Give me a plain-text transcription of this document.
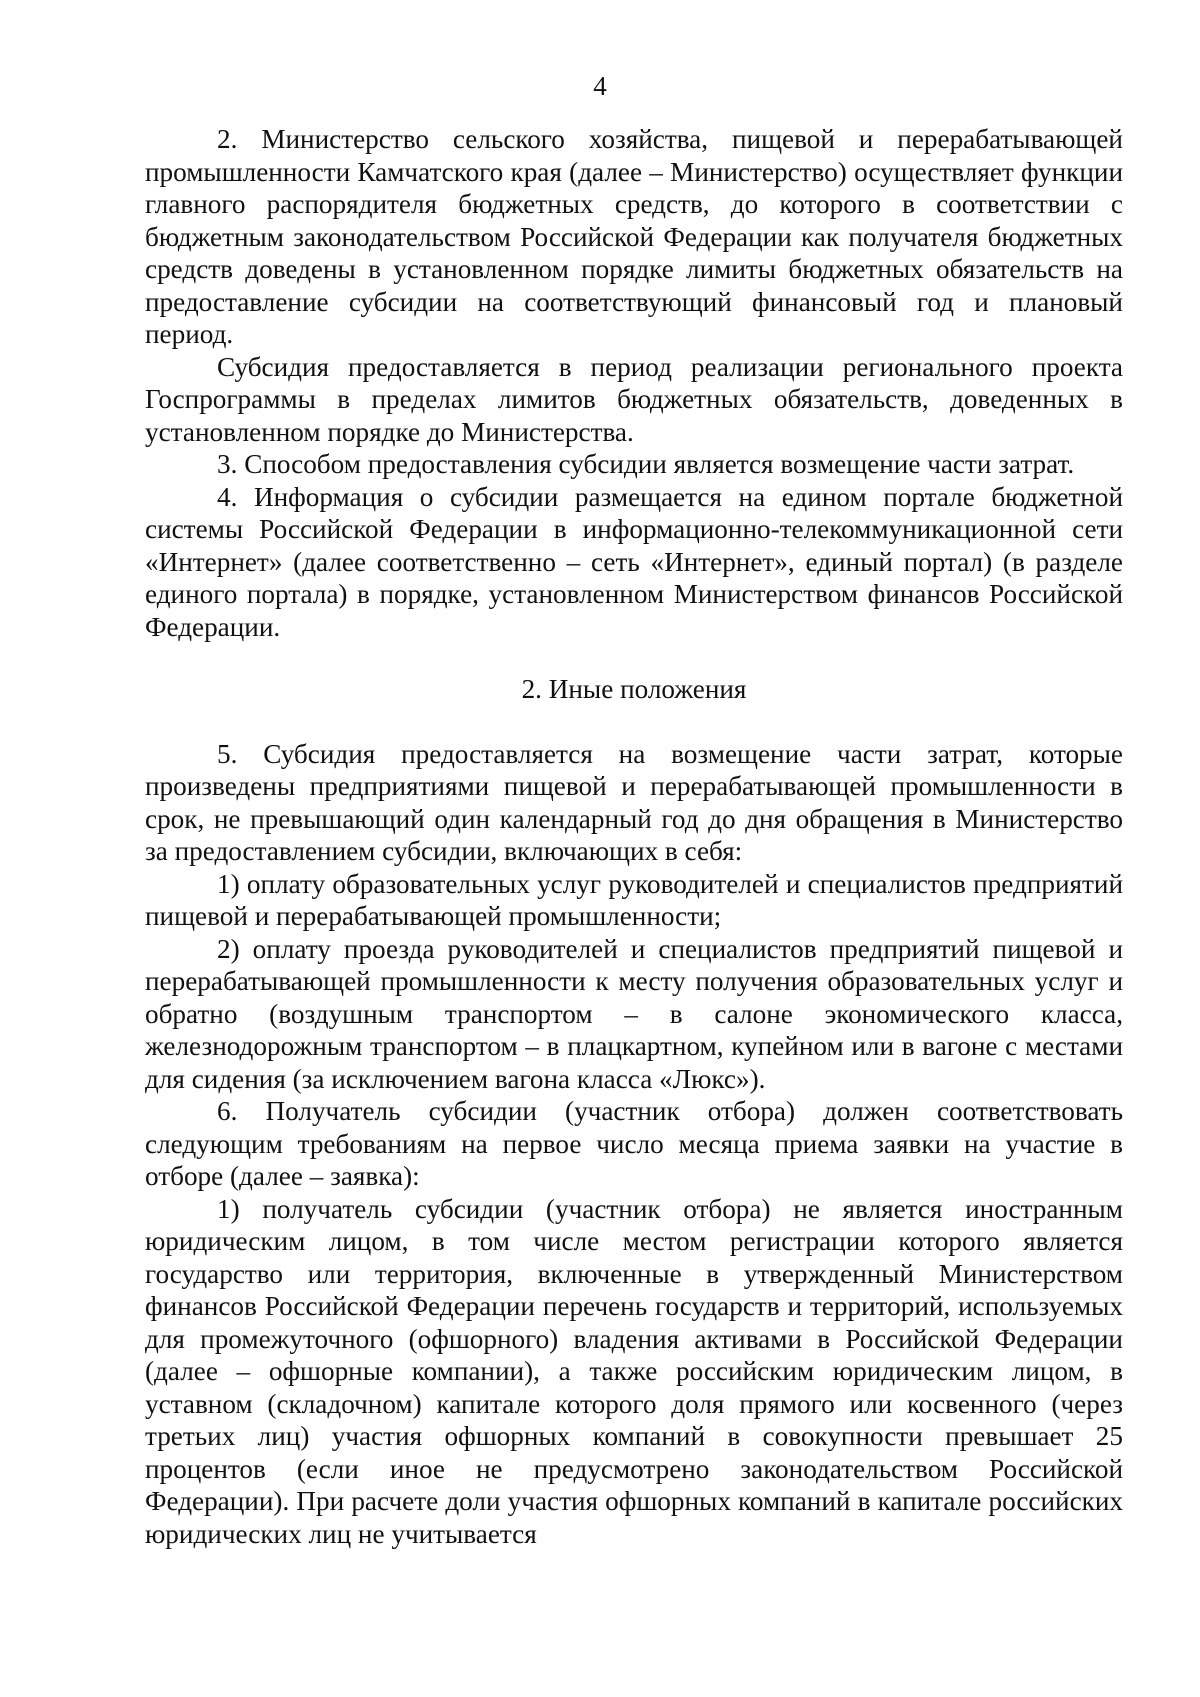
4

2. Министерство сельского хозяйства, пищевой и перерабатывающей промышленности Камчатского края (далее – Министерство) осуществляет функции главного распорядителя бюджетных средств, до которого в соответствии с бюджетным законодательством Российской Федерации как получателя бюджетных средств доведены в установленном порядке лимиты бюджетных обязательств на предоставление субсидии на соответствующий финансовый год и плановый период.

Субсидия предоставляется в период реализации регионального проекта Госпрограммы в пределах лимитов бюджетных обязательств, доведенных в установленном порядке до Министерства.

3. Способом предоставления субсидии является возмещение части затрат.

4. Информация о субсидии размещается на едином портале бюджетной системы Российской Федерации в информационно-телекоммуникационной сети «Интернет» (далее соответственно – сеть «Интернет», единый портал) (в разделе единого портала) в порядке, установленном Министерством финансов Российской Федерации.

2. Иные положения

5. Субсидия предоставляется на возмещение части затрат, которые произведены предприятиями пищевой и перерабатывающей промышленности в срок, не превышающий один календарный год до дня обращения в Министерство за предоставлением субсидии, включающих в себя:

1) оплату образовательных услуг руководителей и специалистов предприятий пищевой и перерабатывающей промышленности;

2) оплату проезда руководителей и специалистов предприятий пищевой и перерабатывающей промышленности к месту получения образовательных услуг и обратно (воздушным транспортом – в салоне экономического класса, железнодорожным транспортом – в плацкартном, купейном или в вагоне с местами для сидения (за исключением вагона класса «Люкс»).

6. Получатель субсидии (участник отбора) должен соответствовать следующим требованиям на первое число месяца приема заявки на участие в отборе (далее – заявка):

1) получатель субсидии (участник отбора) не является иностранным юридическим лицом, в том числе местом регистрации которого является государство или территория, включенные в утвержденный Министерством финансов Российской Федерации перечень государств и территорий, используемых для промежуточного (офшорного) владения активами в Российской Федерации (далее – офшорные компании), а также российским юридическим лицом, в уставном (складочном) капитале которого доля прямого или косвенного (через третьих лиц) участия офшорных компаний в совокупности превышает 25 процентов (если иное не предусмотрено законодательством Российской Федерации). При расчете доли участия офшорных компаний в капитале российских юридических лиц не учитывается
